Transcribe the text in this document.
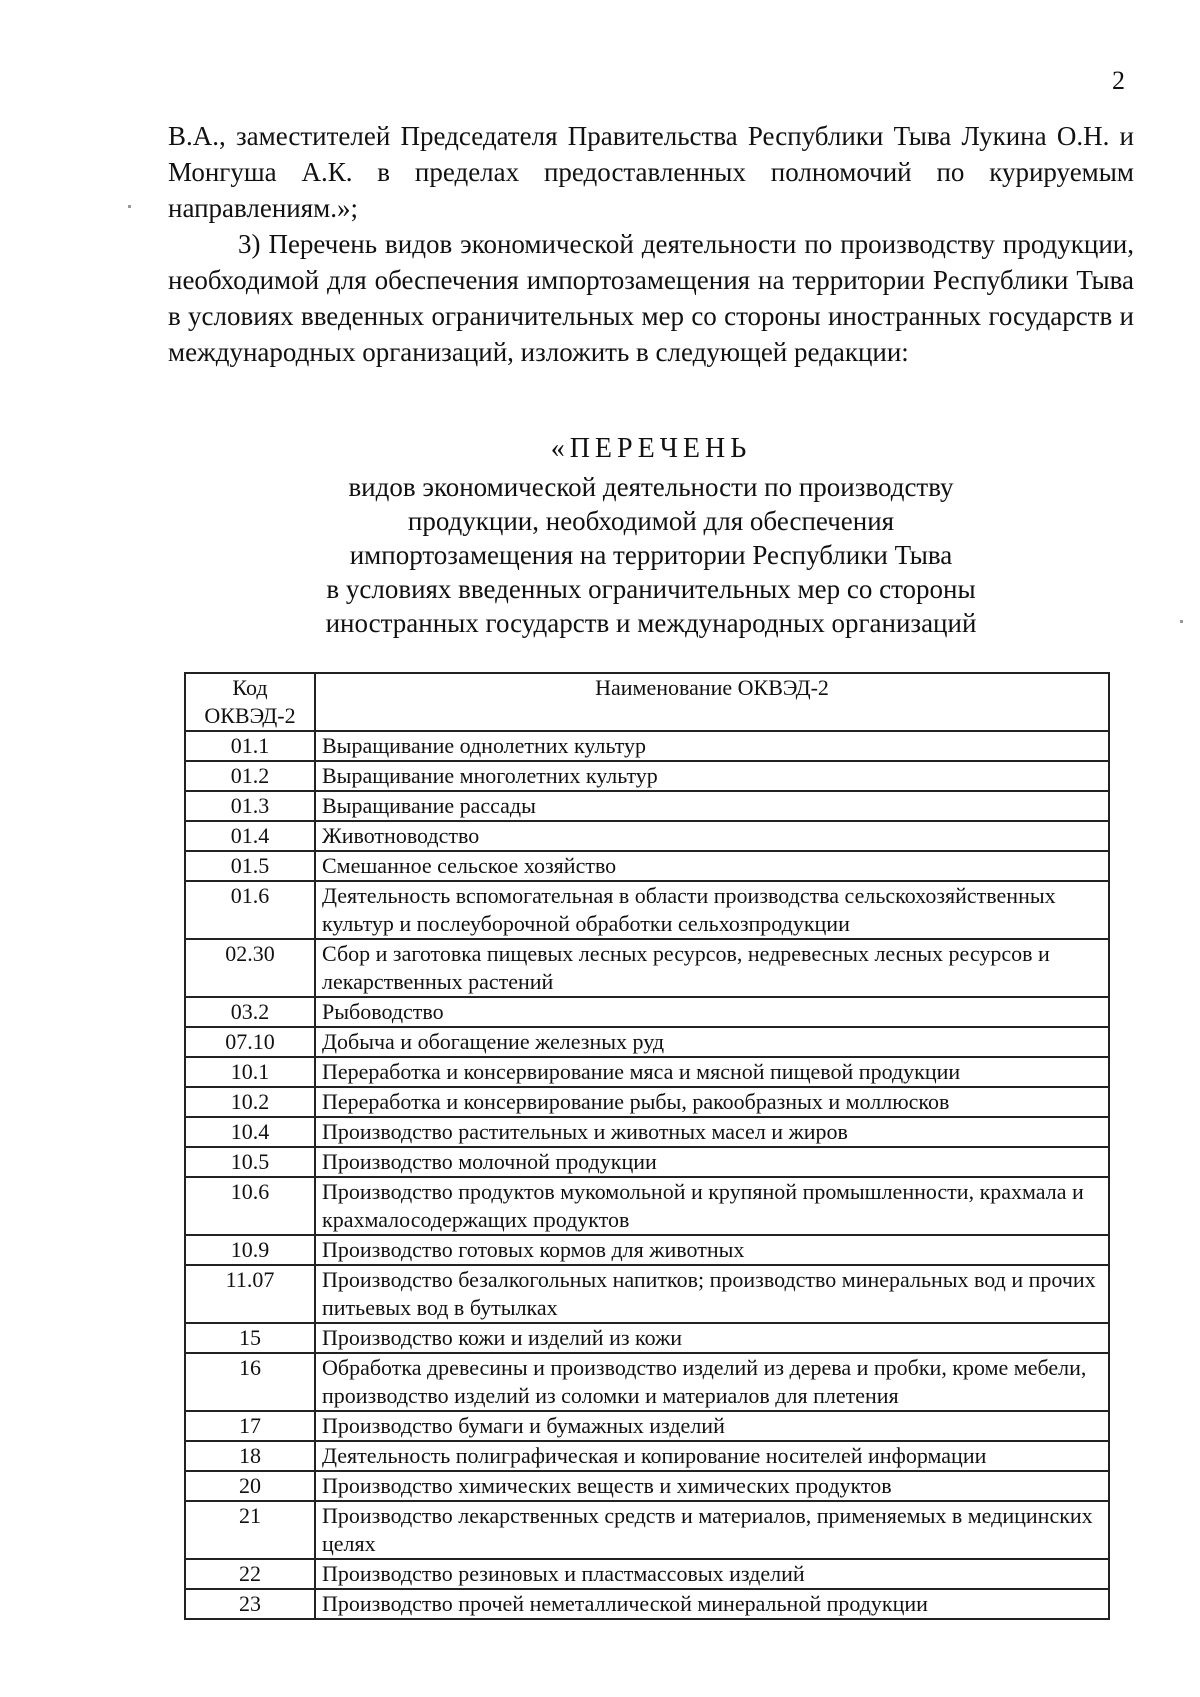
2

В.А., заместителей Председателя Правительства Республики Тыва Лукина О.Н. и Монгуша А.К. в пределах предоставленных полномочий по курируемым направлениям.»;

3) Перечень видов экономической деятельности по производству продукции, необходимой для обеспечения импортозамещения на территории Республики Тыва в условиях введенных ограничительных мер со стороны иностранных государств и международных организаций, изложить в следующей редакции:

«ПЕРЕЧЕНЬ
видов экономической деятельности по производству
продукции, необходимой для обеспечения
импортозамещения на территории Республики Тыва
в условиях введенных ограничительных мер со стороны
иностранных государств и международных организаций
Код ОКВЭД-2	Наименование ОКВЭД-2
01.1	Выращивание однолетних культур
01.2	Выращивание многолетних культур
01.3	Выращивание рассады
01.4	Животноводство
01.5	Смешанное сельское хозяйство
01.6	Деятельность вспомогательная в области производства сельскохозяйственных культур и послеуборочной обработки сельхозпродукции
02.30	Сбор и заготовка пищевых лесных ресурсов, недревесных лесных ресурсов и лекарственных растений
03.2	Рыбоводство
07.10	Добыча и обогащение железных руд
10.1	Переработка и консервирование мяса и мясной пищевой продукции
10.2	Переработка и консервирование рыбы, ракообразных и моллюсков
10.4	Производство растительных и животных масел и жиров
10.5	Производство молочной продукции
10.6	Производство продуктов мукомольной и крупяной промышленности, крахмала и крахмалосодержащих продуктов
10.9	Производство готовых кормов для животных
11.07	Производство безалкогольных напитков; производство минеральных вод и прочих питьевых вод в бутылках
15	Производство кожи и изделий из кожи
16	Обработка древесины и производство изделий из дерева и пробки, кроме мебели, производство изделий из соломки и материалов для плетения
17	Производство бумаги и бумажных изделий
18	Деятельность полиграфическая и копирование носителей информации
20	Производство химических веществ и химических продуктов
21	Производство лекарственных средств и материалов, применяемых в медицинских целях
22	Производство резиновых и пластмассовых изделий
23	Производство прочей неметаллической минеральной продукции
